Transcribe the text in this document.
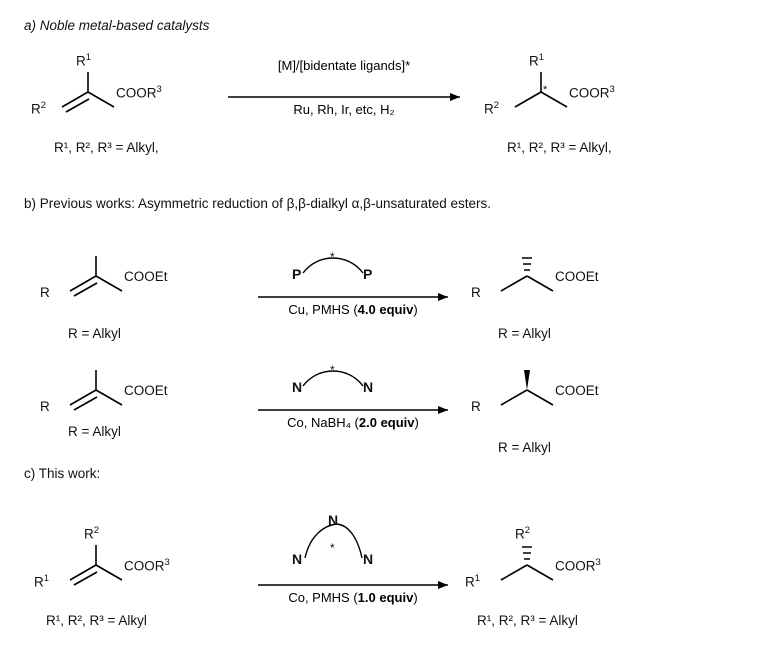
a) Noble metal-based catalysts
$R^1$
$R^2$
COOR$^3$
R¹, R², R³ = Alkyl,
[M]/[bidentate ligands]*
Ru, Rh, Ir, etc, H₂
$R^1$
$R^2$
COOR$^3$
*
R¹, R², R³ = Alkyl,
b) Previous works: Asymmetric reduction of β,β-dialkyl α,β-unsaturated esters.
R
COOEt
R = Alkyl
P	P
*
Cu, PMHS (4.0 equiv)
R
COOEt
R = Alkyl
R
COOEt
R = Alkyl
N	N
*
Co, NaBH₄ (2.0 equiv)
R
COOEt
R = Alkyl
c) This work:
$R^2$
$R^1$
COOR$^3$
R¹, R², R³ = Alkyl
N
N	N
*
Co, PMHS (1.0 equiv)
$R^2$
$R^1$
COOR$^3$
R¹, R², R³ = Alkyl
